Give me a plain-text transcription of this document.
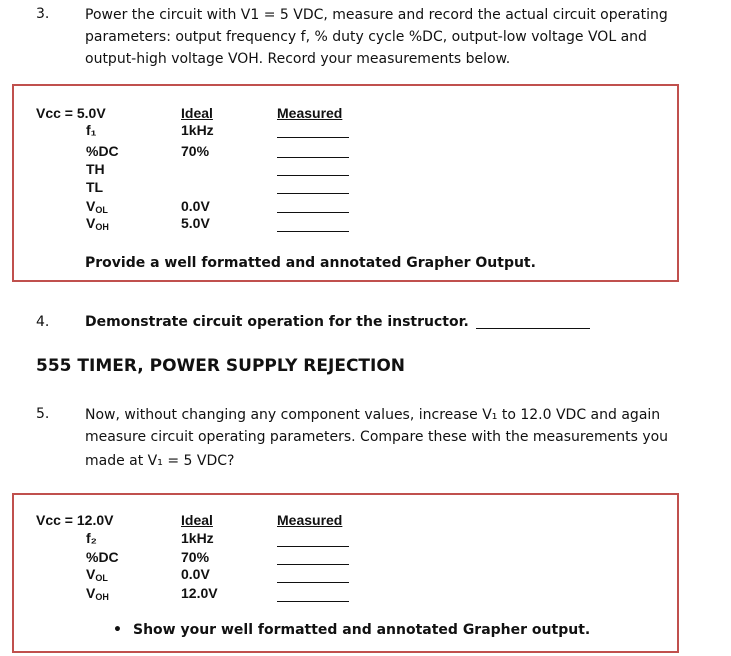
3.	Power the circuit with V1 = 5 VDC, measure and record the actual circuit operating
parameters: output frequency f, % duty cycle %DC, output-low voltage VOL and
output-high voltage VOH. Record your measurements below.
Vcc = 5.0V	Ideal	Measured
f₁	1kHz
%DC	70%
TH
TL
$V_{OL}$	0.0V
$V_{OH}$	5.0V
Provide a well formatted and annotated Grapher Output.
4.	Demonstrate circuit operation for the instructor.
555 TIMER, POWER SUPPLY REJECTION
5.	Now, without changing any component values, increase V₁ to 12.0 VDC and again
measure circuit operating parameters. Compare these with the measurements you
made at V₁ = 5 VDC?
Vcc = 12.0V	Ideal	Measured
f₂	1kHz
%DC	70%
$V_{OL}$	0.0V
$V_{OH}$	12.0V
• Show your well formatted and annotated Grapher output.
